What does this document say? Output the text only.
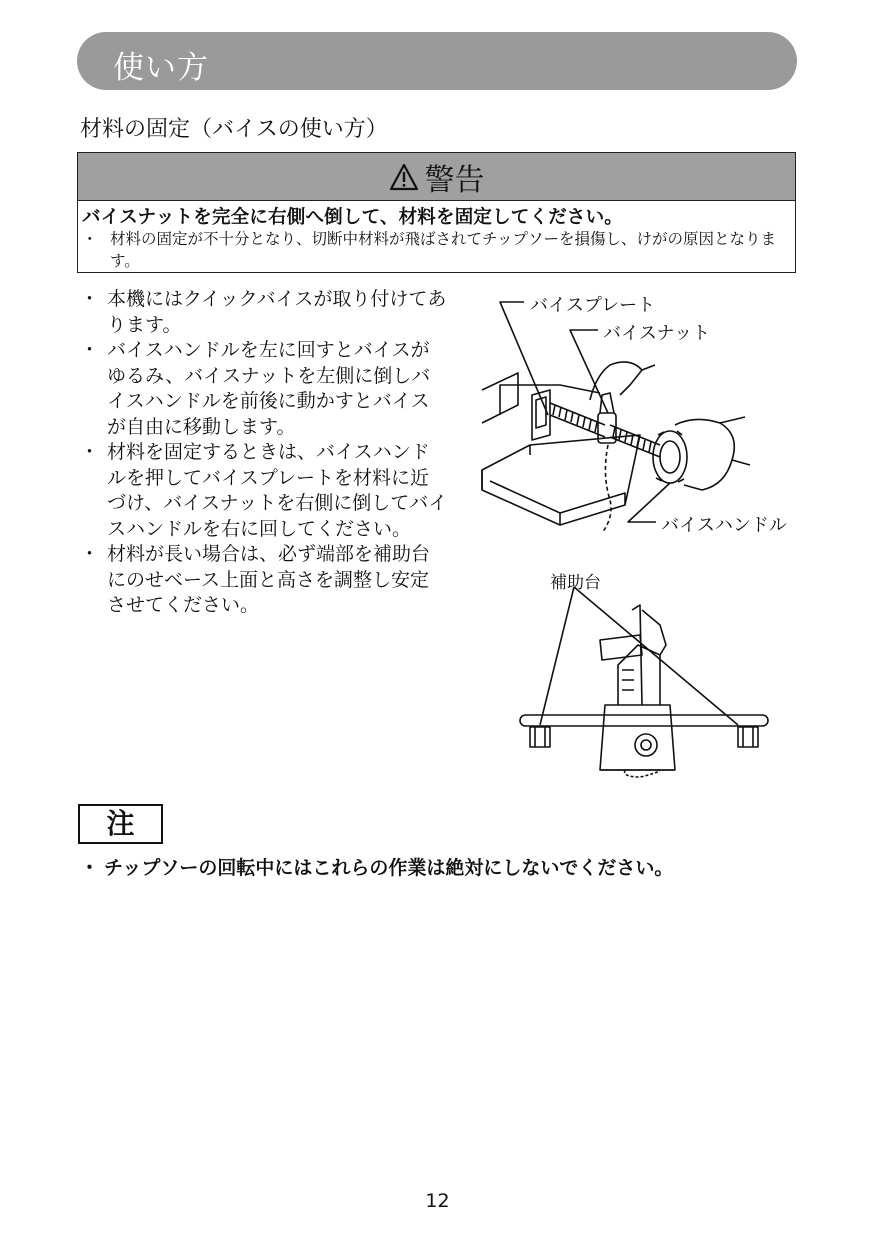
使い方
材料の固定（バイスの使い方）
警告
バイスナットを完全に右側へ倒して、材料を固定してください。
・ 材料の固定が不十分となり、切断中材料が飛ばされてチップソーを損傷し、けがの原因となります。
・ 本機にはクイックバイスが取り付けてあります。
・ バイスハンドルを左に回すとバイスがゆるみ、バイスナットを左側に倒しバイスハンドルを前後に動かすとバイスが自由に移動します。
・ 材料を固定するときは、バイスハンドルを押してバイスプレートを材料に近づけ、バイスナットを右側に倒してバイスハンドルを右に回してください。
・ 材料が長い場合は、必ず端部を補助台にのせベース上面と高さを調整し安定させてください。
バイスプレート
バイスナット
バイスハンドル
補助台
注
・ チップソーの回転中にはこれらの作業は絶対にしないでください。
12
